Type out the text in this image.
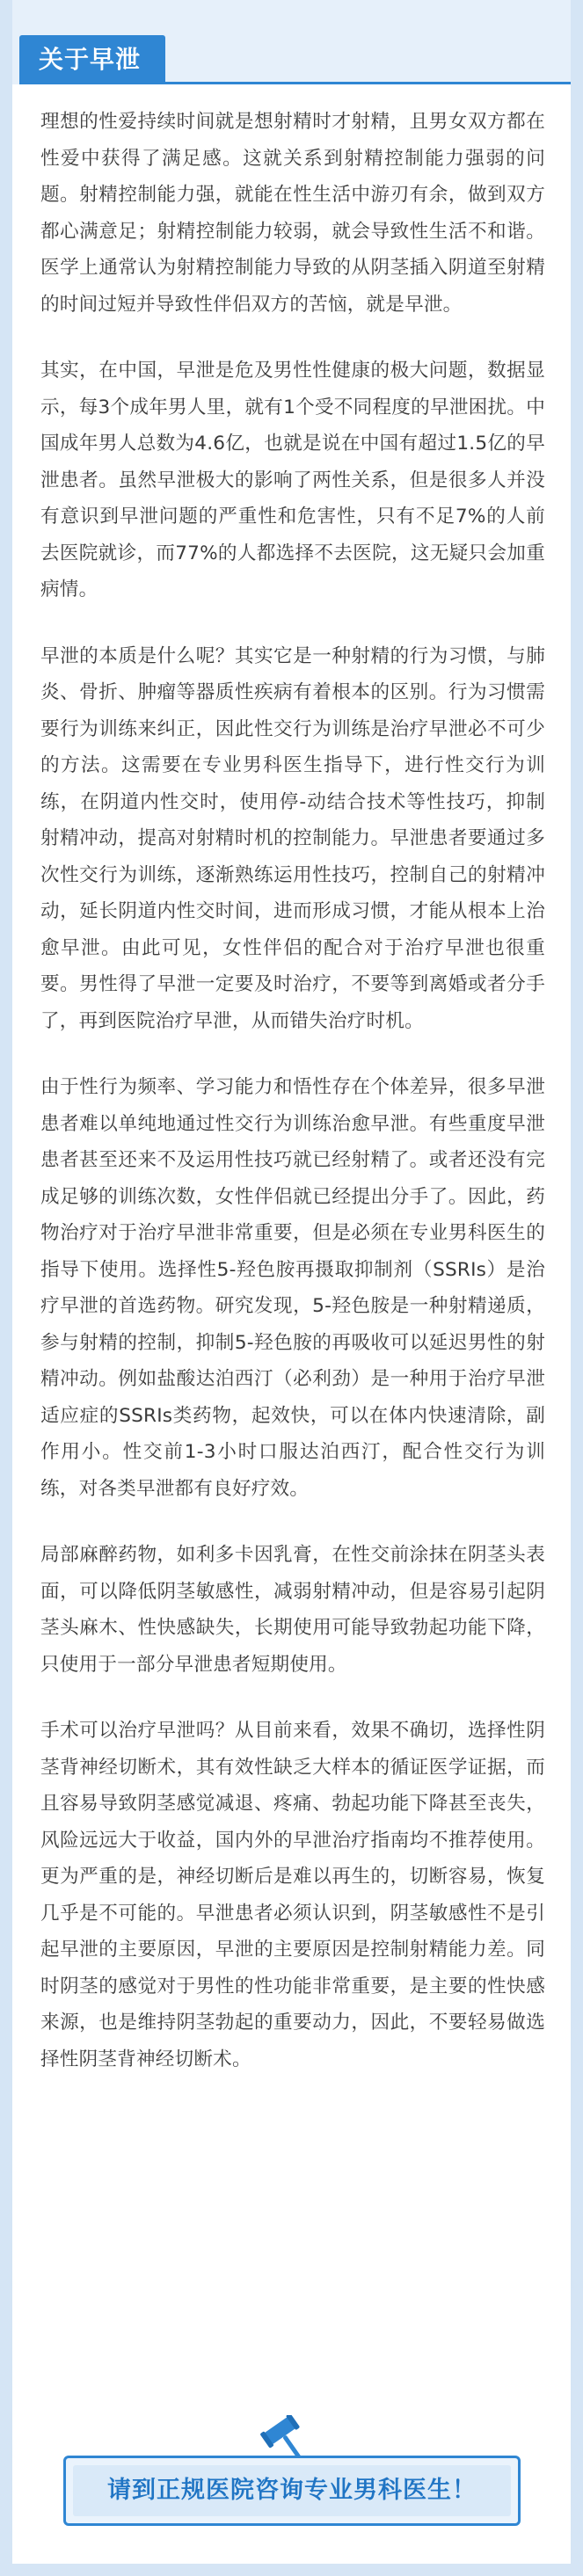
关于早泄

理想的性爱持续时间就是想射精时才射精，且男女双方都在性爱中获得了满足感。这就关系到射精控制能力强弱的问题。射精控制能力强，就能在性生活中游刃有余，做到双方都心满意足；射精控制能力较弱，就会导致性生活不和谐。医学上通常认为射精控制能力导致的从阴茎插入阴道至射精的时间过短并导致性伴侣双方的苦恼，就是早泄。

其实，在中国，早泄是危及男性性健康的极大问题，数据显示，每3个成年男人里，就有1个受不同程度的早泄困扰。中国成年男人总数为4.6亿，也就是说在中国有超过1.5亿的早泄患者。虽然早泄极大的影响了两性关系，但是很多人并没有意识到早泄问题的严重性和危害性，只有不足7%的人前去医院就诊，而77%的人都选择不去医院，这无疑只会加重病情。

早泄的本质是什么呢？其实它是一种射精的行为习惯，与肺炎、骨折、肿瘤等器质性疾病有着根本的区别。行为习惯需要行为训练来纠正，因此性交行为训练是治疗早泄必不可少的方法。这需要在专业男科医生指导下，进行性交行为训练，在阴道内性交时，使用停-动结合技术等性技巧，抑制射精冲动，提高对射精时机的控制能力。早泄患者要通过多次性交行为训练，逐渐熟练运用性技巧，控制自己的射精冲动，延长阴道内性交时间，进而形成习惯，才能从根本上治愈早泄。由此可见，女性伴侣的配合对于治疗早泄也很重要。男性得了早泄一定要及时治疗，不要等到离婚或者分手了，再到医院治疗早泄，从而错失治疗时机。

由于性行为频率、学习能力和悟性存在个体差异，很多早泄患者难以单纯地通过性交行为训练治愈早泄。有些重度早泄患者甚至还来不及运用性技巧就已经射精了。或者还没有完成足够的训练次数，女性伴侣就已经提出分手了。因此，药物治疗对于治疗早泄非常重要，但是必须在专业男科医生的指导下使用。选择性5-羟色胺再摄取抑制剂（SSRIs）是治疗早泄的首选药物。研究发现，5-羟色胺是一种射精递质，参与射精的控制，抑制5-羟色胺的再吸收可以延迟男性的射精冲动。例如盐酸达泊西汀（必利劲）是一种用于治疗早泄适应症的SSRIs类药物，起效快，可以在体内快速清除，副作用小。性交前1-3小时口服达泊西汀，配合性交行为训练，对各类早泄都有良好疗效。

局部麻醉药物，如利多卡因乳膏，在性交前涂抹在阴茎头表面，可以降低阴茎敏感性，减弱射精冲动，但是容易引起阴茎头麻木、性快感缺失，长期使用可能导致勃起功能下降，只使用于一部分早泄患者短期使用。

手术可以治疗早泄吗？从目前来看，效果不确切，选择性阴茎背神经切断术，其有效性缺乏大样本的循证医学证据，而且容易导致阴茎感觉减退、疼痛、勃起功能下降甚至丧失，风险远远大于收益，国内外的早泄治疗指南均不推荐使用。更为严重的是，神经切断后是难以再生的，切断容易，恢复几乎是不可能的。早泄患者必须认识到，阴茎敏感性不是引起早泄的主要原因，早泄的主要原因是控制射精能力差。同时阴茎的感觉对于男性的性功能非常重要，是主要的性快感来源，也是维持阴茎勃起的重要动力，因此，不要轻易做选择性阴茎背神经切断术。

请到正规医院咨询专业男科医生！
